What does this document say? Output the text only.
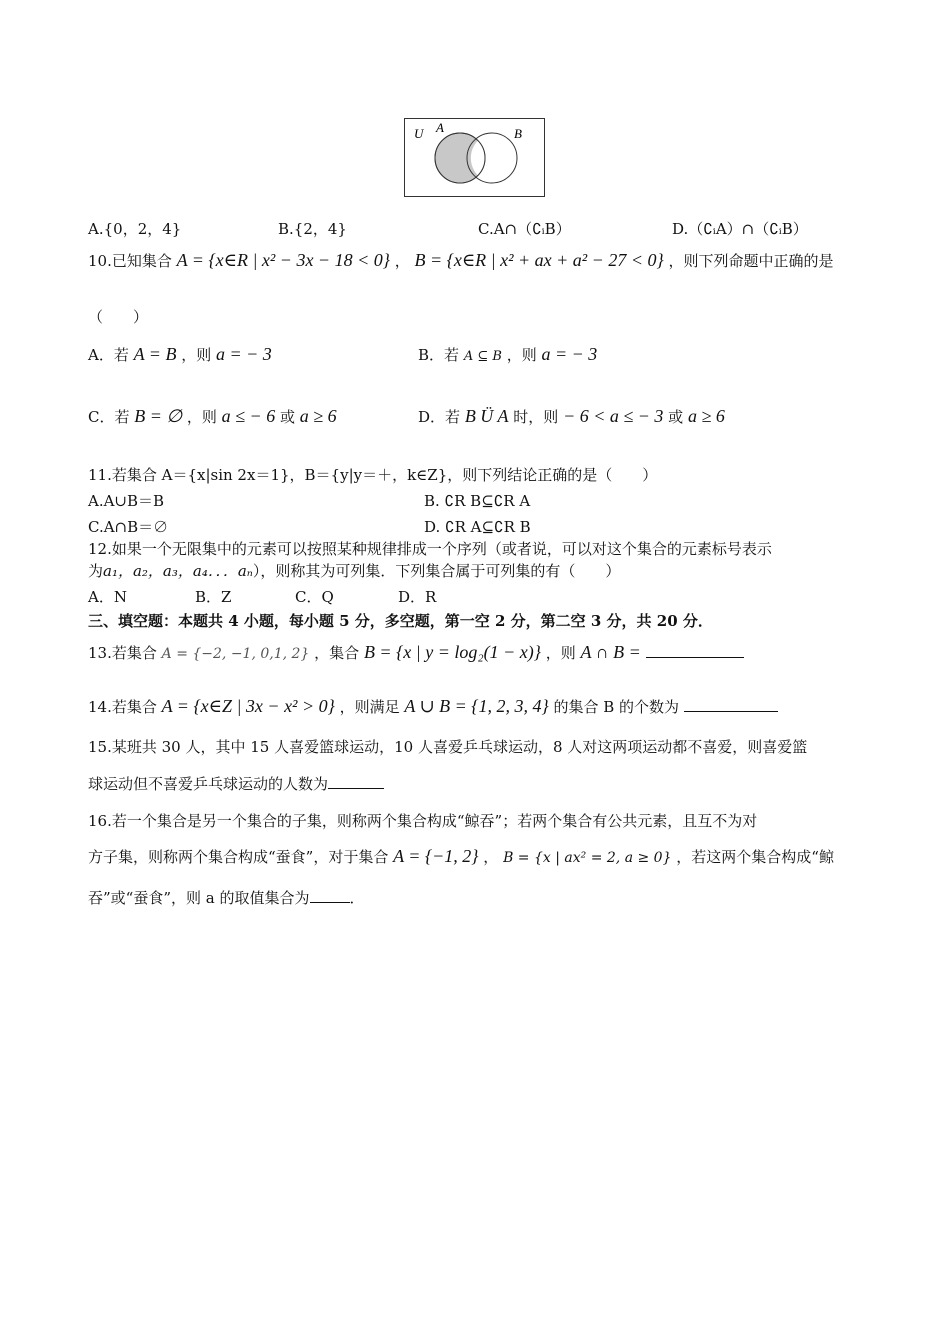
U A	B
A.{0，2，4}	B.{2，4}	C.A∩（∁ᵢB）	D.（∁ᵢA）∩（∁ᵢB）
10.已知集合 A = {x∈R | x² − 3x − 18 < 0} ， B = {x∈R | x² + ax + a² − 27 < 0} ，则下列命题中正确的是
（　　）
A．若 A = B ，则 a = − 3	B．若 A ⊆ B ，则 a = − 3
C．若 B = ∅ ，则 a ≤ − 6 或 a ≥ 6	D．若 B Ü A 时，则 − 6 < a ≤ − 3 或 a ≥ 6
11.若集合 A＝{x|sin 2x＝1}，B＝{y|y＝＋，k∈Z}，则下列结论正确的是（　　）
A.A∪B＝B	B. ∁R B⊆∁R A
C.A∩B＝∅	D. ∁R A⊆∁R B
12.如果一个无限集中的元素可以按照某种规律排成一个序列（或者说，可以对这个集合的元素标号表示
为a₁，a₂，a₃，a₄．．．aₙ），则称其为可列集．下列集合属于可列集的有（　　）
A．N	B．Z	C．Q	D．R
三、填空题：本题共 4 小题，每小题 5 分，多空题，第一空 2 分，第二空 3 分，共 20 分．
13.若集合 A = {−2, −1, 0,1, 2} ，集合 B = {x | y = log₂(1 − x)} ，则 A ∩ B =
14.若集合 A = {x∈Z | 3x − x² > 0} ，则满足 A ∪ B = {1, 2, 3, 4} 的集合 B 的个数为
15.某班共 30 人，其中 15 人喜爱篮球运动，10 人喜爱乒乓球运动，8 人对这两项运动都不喜爱，则喜爱篮
球运动但不喜爱乒乓球运动的人数为
16.若一个集合是另一个集合的子集，则称两个集合构成“鲸吞”；若两个集合有公共元素，且互不为对
方子集，则称两个集合构成“蚕食”，对于集合 A = {−1, 2} ， B = {x | ax² = 2, a ≥ 0} ，若这两个集合构成“鲸
吞”或“蚕食”，则 a 的取值集合为	．
